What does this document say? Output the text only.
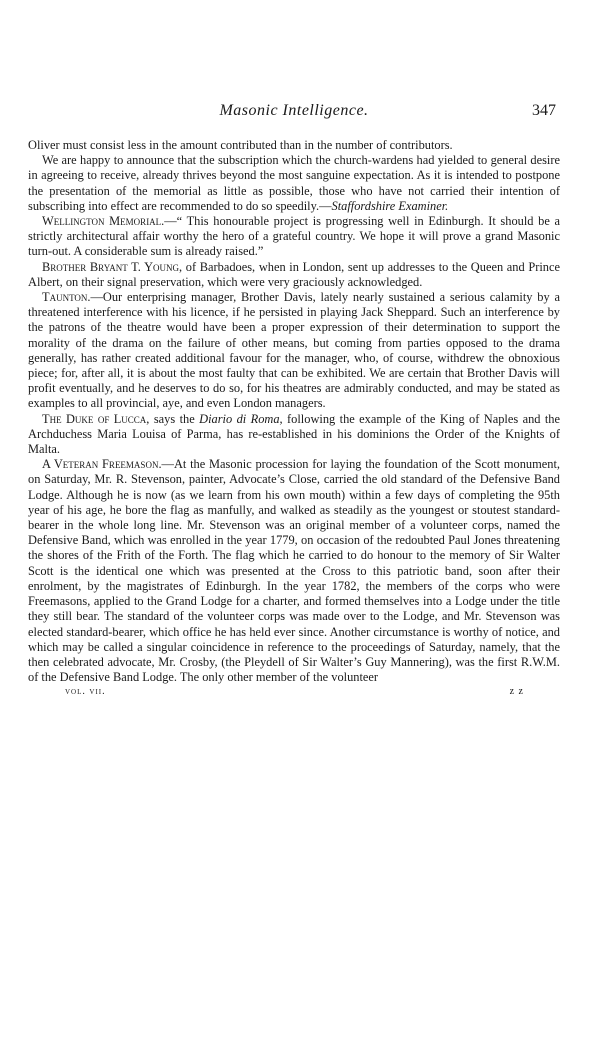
Masonic Intelligence.	347

Oliver must consist less in the amount contributed than in the number of contributors.

We are happy to announce that the subscription which the church-wardens had yielded to general desire in agreeing to receive, already thrives beyond the most sanguine expectation. As it is intended to postpone the presentation of the memorial as little as possible, those who have not carried their intention of subscribing into effect are recommended to do so speedily.—Staffordshire Examiner.

Wellington Memorial.—“ This honourable project is progressing well in Edinburgh. It should be a strictly architectural affair worthy the hero of a grateful country. We hope it will prove a grand Masonic turn-out. A considerable sum is already raised.”

Brother Bryant T. Young, of Barbadoes, when in London, sent up addresses to the Queen and Prince Albert, on their signal preservation, which were very graciously acknowledged.

Taunton.—Our enterprising manager, Brother Davis, lately nearly sustained a serious calamity by a threatened interference with his licence, if he persisted in playing Jack Sheppard. Such an interference by the patrons of the theatre would have been a proper expression of their determination to support the morality of the drama on the failure of other means, but coming from parties opposed to the drama generally, has rather created additional favour for the manager, who, of course, withdrew the obnoxious piece; for, after all, it is about the most faulty that can be exhibited. We are certain that Brother Davis will profit eventually, and he deserves to do so, for his theatres are admirably conducted, and may be stated as examples to all provincial, aye, and even London managers.

The Duke of Lucca, says the Diario di Roma, following the example of the King of Naples and the Archduchess Maria Louisa of Parma, has re-established in his dominions the Order of the Knights of Malta.

A Veteran Freemason.—At the Masonic procession for laying the foundation of the Scott monument, on Saturday, Mr. R. Stevenson, painter, Advocate’s Close, carried the old standard of the Defensive Band Lodge. Although he is now (as we learn from his own mouth) within a few days of completing the 95th year of his age, he bore the flag as manfully, and walked as steadily as the youngest or stoutest standard-bearer in the whole long line. Mr. Stevenson was an original member of a volunteer corps, named the Defensive Band, which was enrolled in the year 1779, on occasion of the redoubted Paul Jones threatening the shores of the Frith of the Forth. The flag which he carried to do honour to the memory of Sir Walter Scott is the identical one which was presented at the Cross to this patriotic band, soon after their enrolment, by the magistrates of Edinburgh. In the year 1782, the members of the corps who were Freemasons, applied to the Grand Lodge for a charter, and formed themselves into a Lodge under the title they still bear. The standard of the volunteer corps was made over to the Lodge, and Mr. Stevenson was elected standard-bearer, which office he has held ever since. Another circumstance is worthy of notice, and which may be called a singular coincidence in reference to the proceedings of Saturday, namely, that the then celebrated advocate, Mr. Crosby, (the Pleydell of Sir Walter’s Guy Mannering), was the first R.W.M. of the Defensive Band Lodge. The only other member of the volunteer

vol. vii.	z z
